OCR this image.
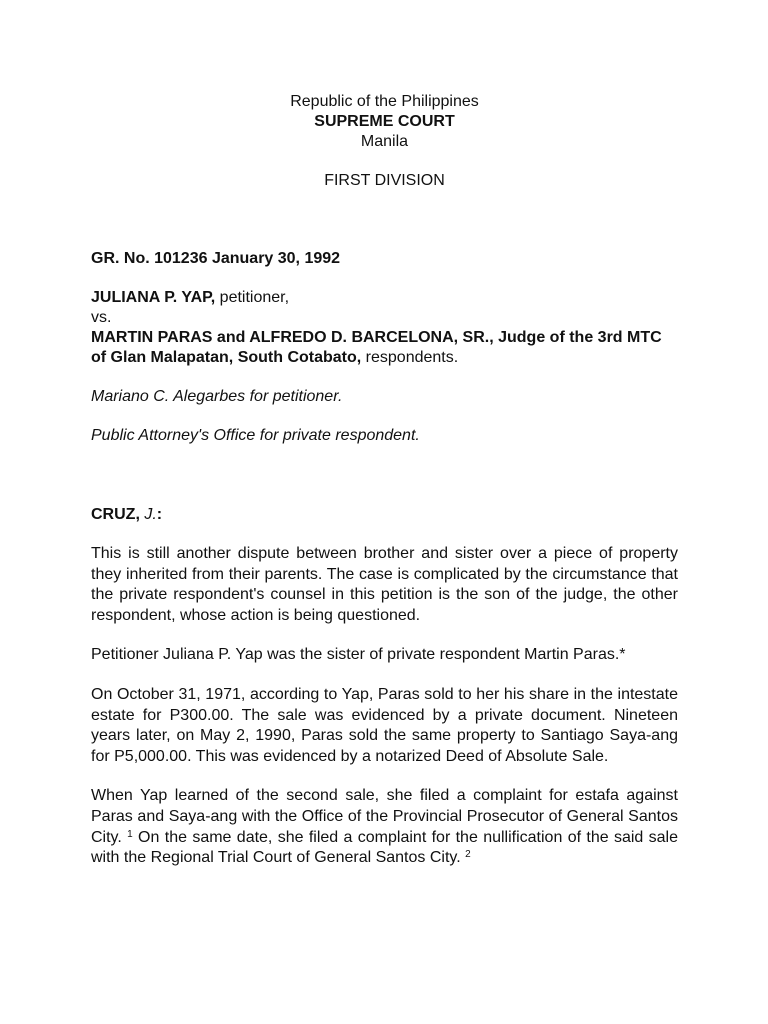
Republic of the Philippines
SUPREME COURT
Manila
FIRST DIVISION
GR. No. 101236 January 30, 1992
JULIANA P. YAP, petitioner,
vs.
MARTIN PARAS and ALFREDO D. BARCELONA, SR., Judge of the 3rd MTC of Glan Malapatan, South Cotabato, respondents.
Mariano C. Alegarbes for petitioner.
Public Attorney's Office for private respondent.
CRUZ, J.:

This is still another dispute between brother and sister over a piece of property they inherited from their parents. The case is complicated by the circumstance that the private respondent's counsel in this petition is the son of the judge, the other respondent, whose action is being questioned.

Petitioner Juliana P. Yap was the sister of private respondent Martin Paras.*

On October 31, 1971, according to Yap, Paras sold to her his share in the intestate estate for P300.00. The sale was evidenced by a private document. Nineteen years later, on May 2, 1990, Paras sold the same property to Santiago Saya-ang for P5,000.00. This was evidenced by a notarized Deed of Absolute Sale.

When Yap learned of the second sale, she filed a complaint for estafa against Paras and Saya-ang with the Office of the Provincial Prosecutor of General Santos City. $^1$ On the same date, she filed a complaint for the nullification of the said sale with the Regional Trial Court of General Santos City. $^2$
